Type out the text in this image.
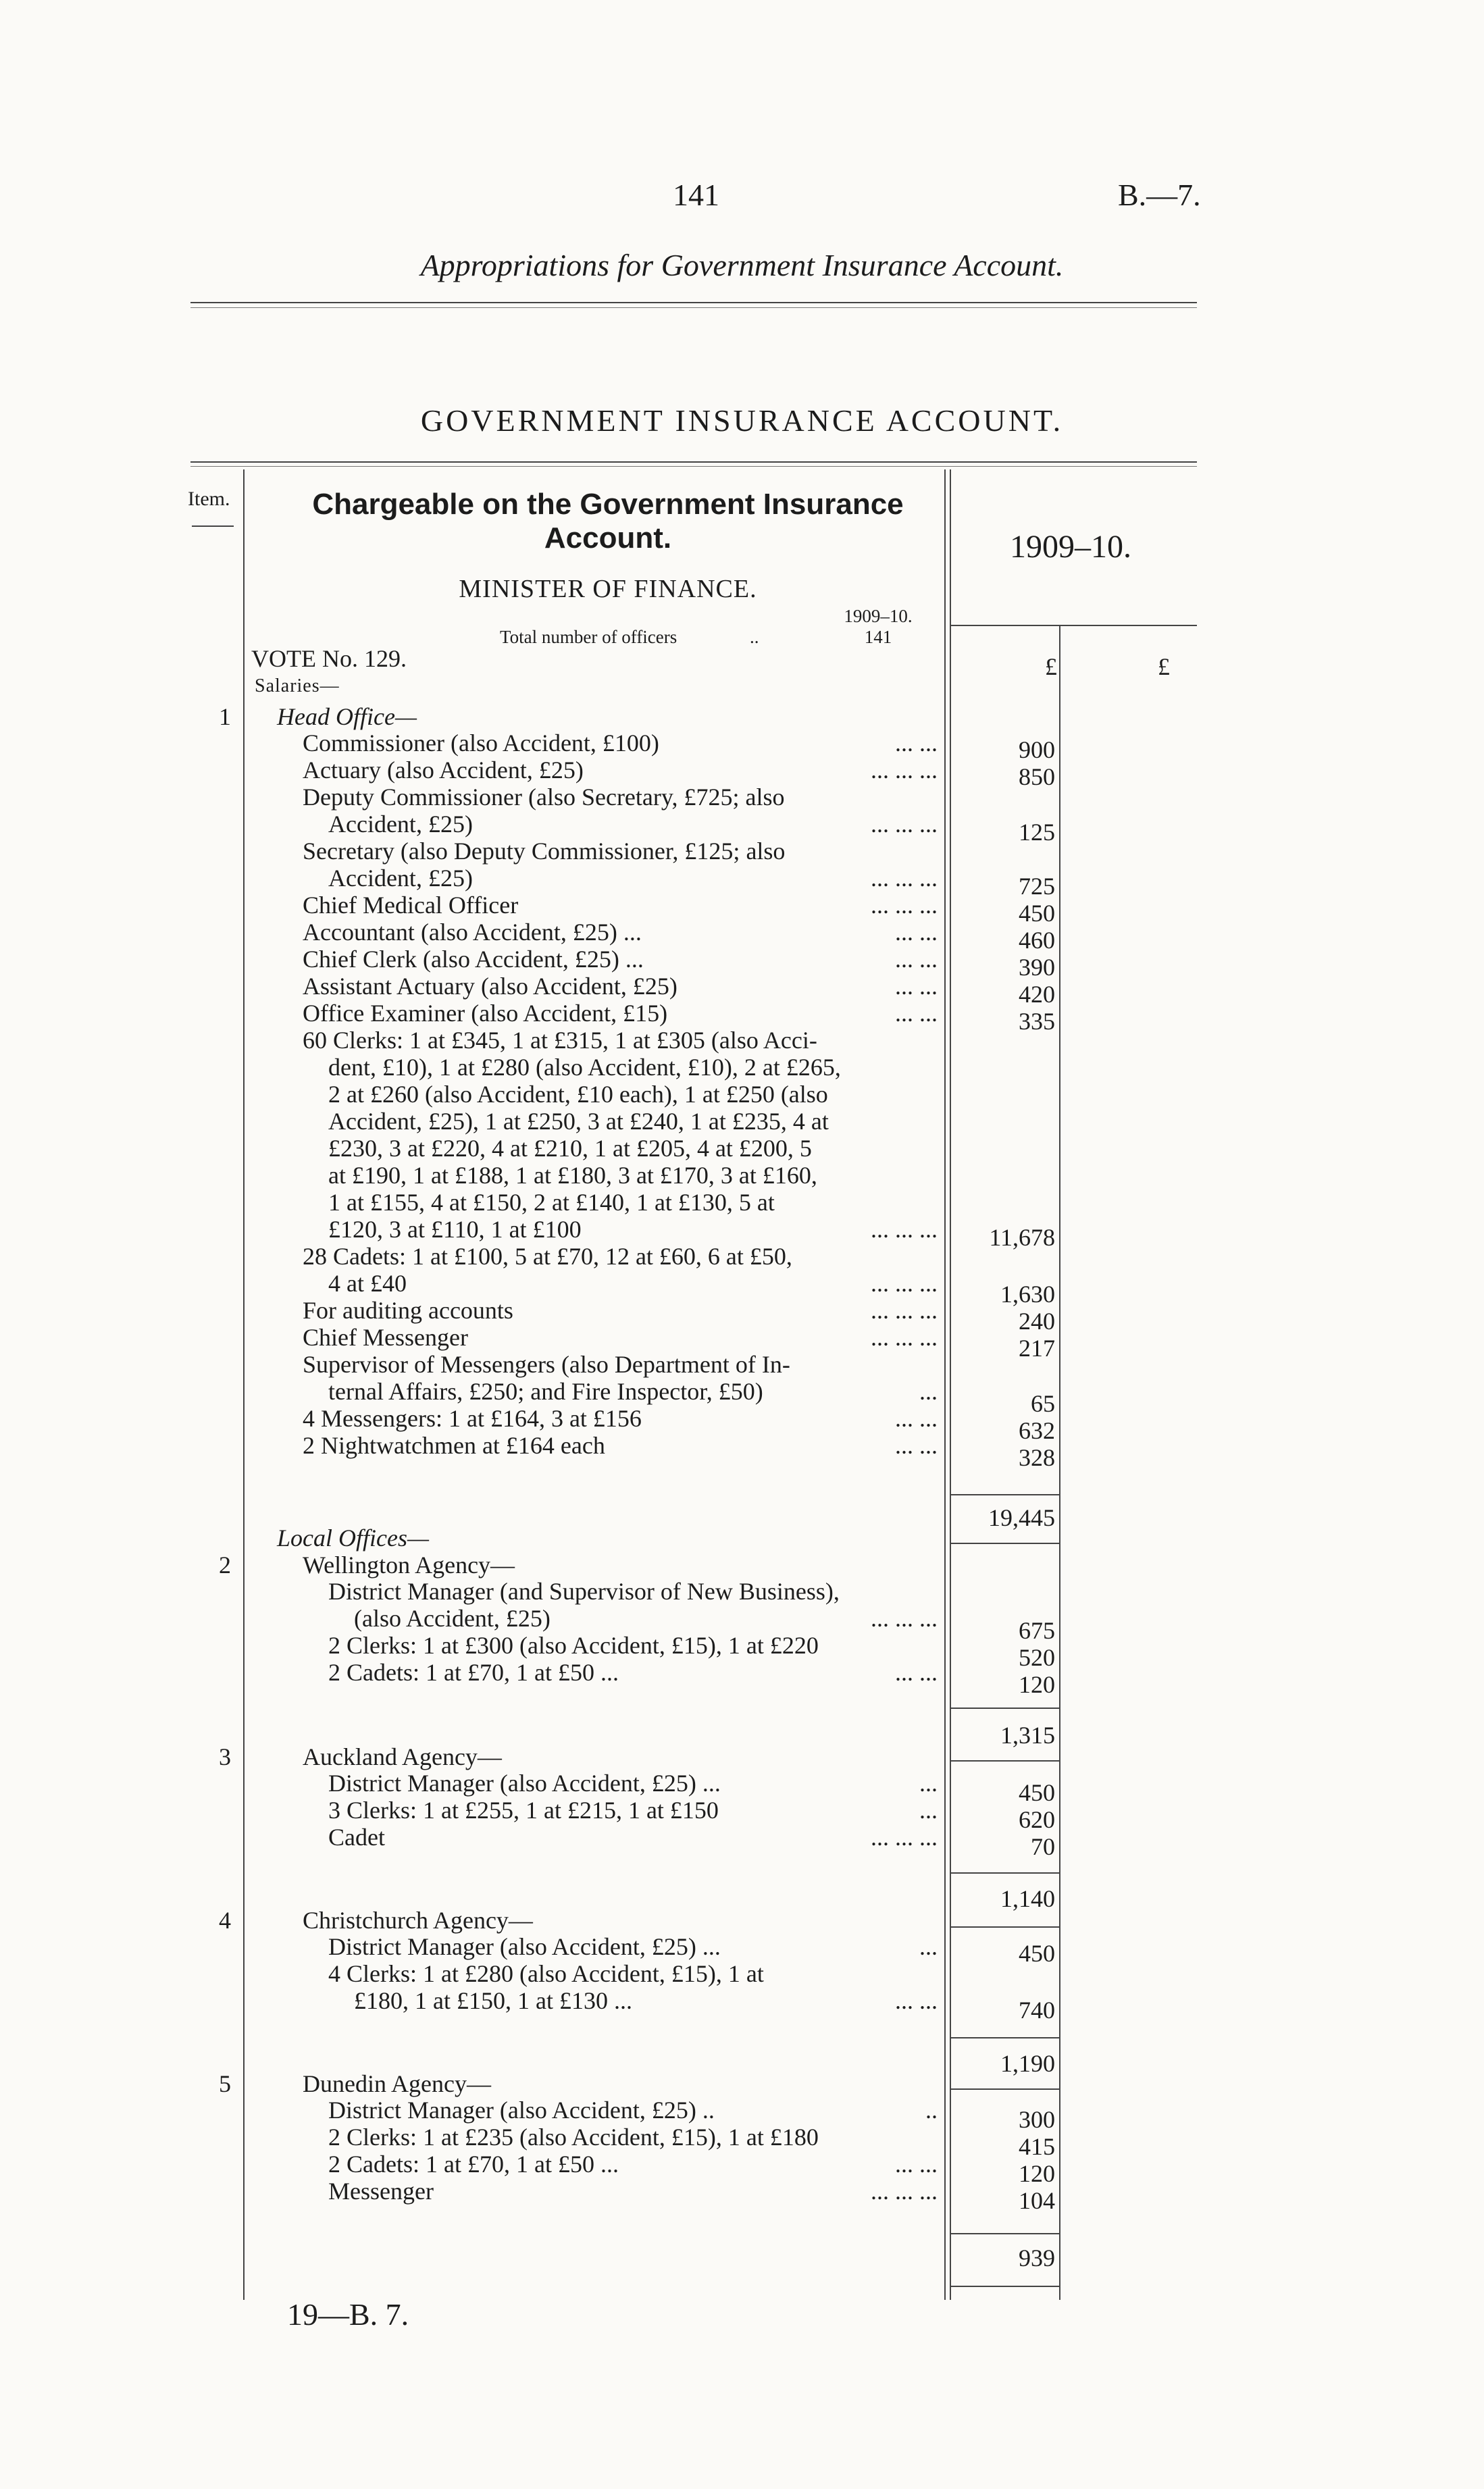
141	B.—7.
Appropriations for Government Insurance Account.
GOVERNMENT INSURANCE ACCOUNT.
Item.	Chargeable on the Government Insurance Account.	1909–10.
MINISTER OF FINANCE.
1909–10.
Total number of officers	..	141
VOTE No. 129.	£	£
Salaries—
1 Head Office—
Commissioner (also Accident, £100)	... ...	900
Actuary (also Accident, £25)	... ... ...	850
Deputy Commissioner (also Secretary, £725; also
Accident, £25)	... ... ...	125
Secretary (also Deputy Commissioner, £125; also
Accident, £25)	... ... ...	725
Chief Medical Officer	... ... ...	450
Accountant (also Accident, £25) ...	... ...	460
Chief Clerk (also Accident, £25) ...	... ...	390
Assistant Actuary (also Accident, £25)	... ...	420
Office Examiner (also Accident, £15)	... ...	335
60 Clerks: 1 at £345, 1 at £315, 1 at £305 (also Acci-
dent, £10), 1 at £280 (also Accident, £10), 2 at £265,
2 at £260 (also Accident, £10 each), 1 at £250 (also
Accident, £25), 1 at £250, 3 at £240, 1 at £235, 4 at
£230, 3 at £220, 4 at £210, 1 at £205, 4 at £200, 5
at £190, 1 at £188, 1 at £180, 3 at £170, 3 at £160,
1 at £155, 4 at £150, 2 at £140, 1 at £130, 5 at
£120, 3 at £110, 1 at £100	... ... ...	11,678
28 Cadets: 1 at £100, 5 at £70, 12 at £60, 6 at £50,
4 at £40	... ... ...	1,630
For auditing accounts	... ... ...	240
Chief Messenger	... ... ...	217
Supervisor of Messengers (also Department of In-
ternal Affairs, £250; and Fire Inspector, £50)	...	65
4 Messengers: 1 at £164, 3 at £156	... ...	632
2 Nightwatchmen at £164 each	... ...	328
19,445
Local Offices—
2	Wellington Agency—
District Manager (and Supervisor of New Business),
(also Accident, £25)	... ... ...	675
2 Clerks: 1 at £300 (also Accident, £15), 1 at £220	520
2 Cadets: 1 at £70, 1 at £50 ...	... ...	120
1,315
3	Auckland Agency—
District Manager (also Accident, £25) ...	...	450
3 Clerks: 1 at £255, 1 at £215, 1 at £150	...	620
Cadet	... ... ...	70
1,140
4	Christchurch Agency—
District Manager (also Accident, £25) ...	...	450
4 Clerks: 1 at £280 (also Accident, £15), 1 at
£180, 1 at £150, 1 at £130 ...	... ...	740
1,190
5	Dunedin Agency—
District Manager (also Accident, £25) ..	..	300
2 Clerks: 1 at £235 (also Accident, £15), 1 at £180	415
2 Cadets: 1 at £70, 1 at £50 ...	... ...	120
Messenger	... ... ...	104
939
19—B. 7.
